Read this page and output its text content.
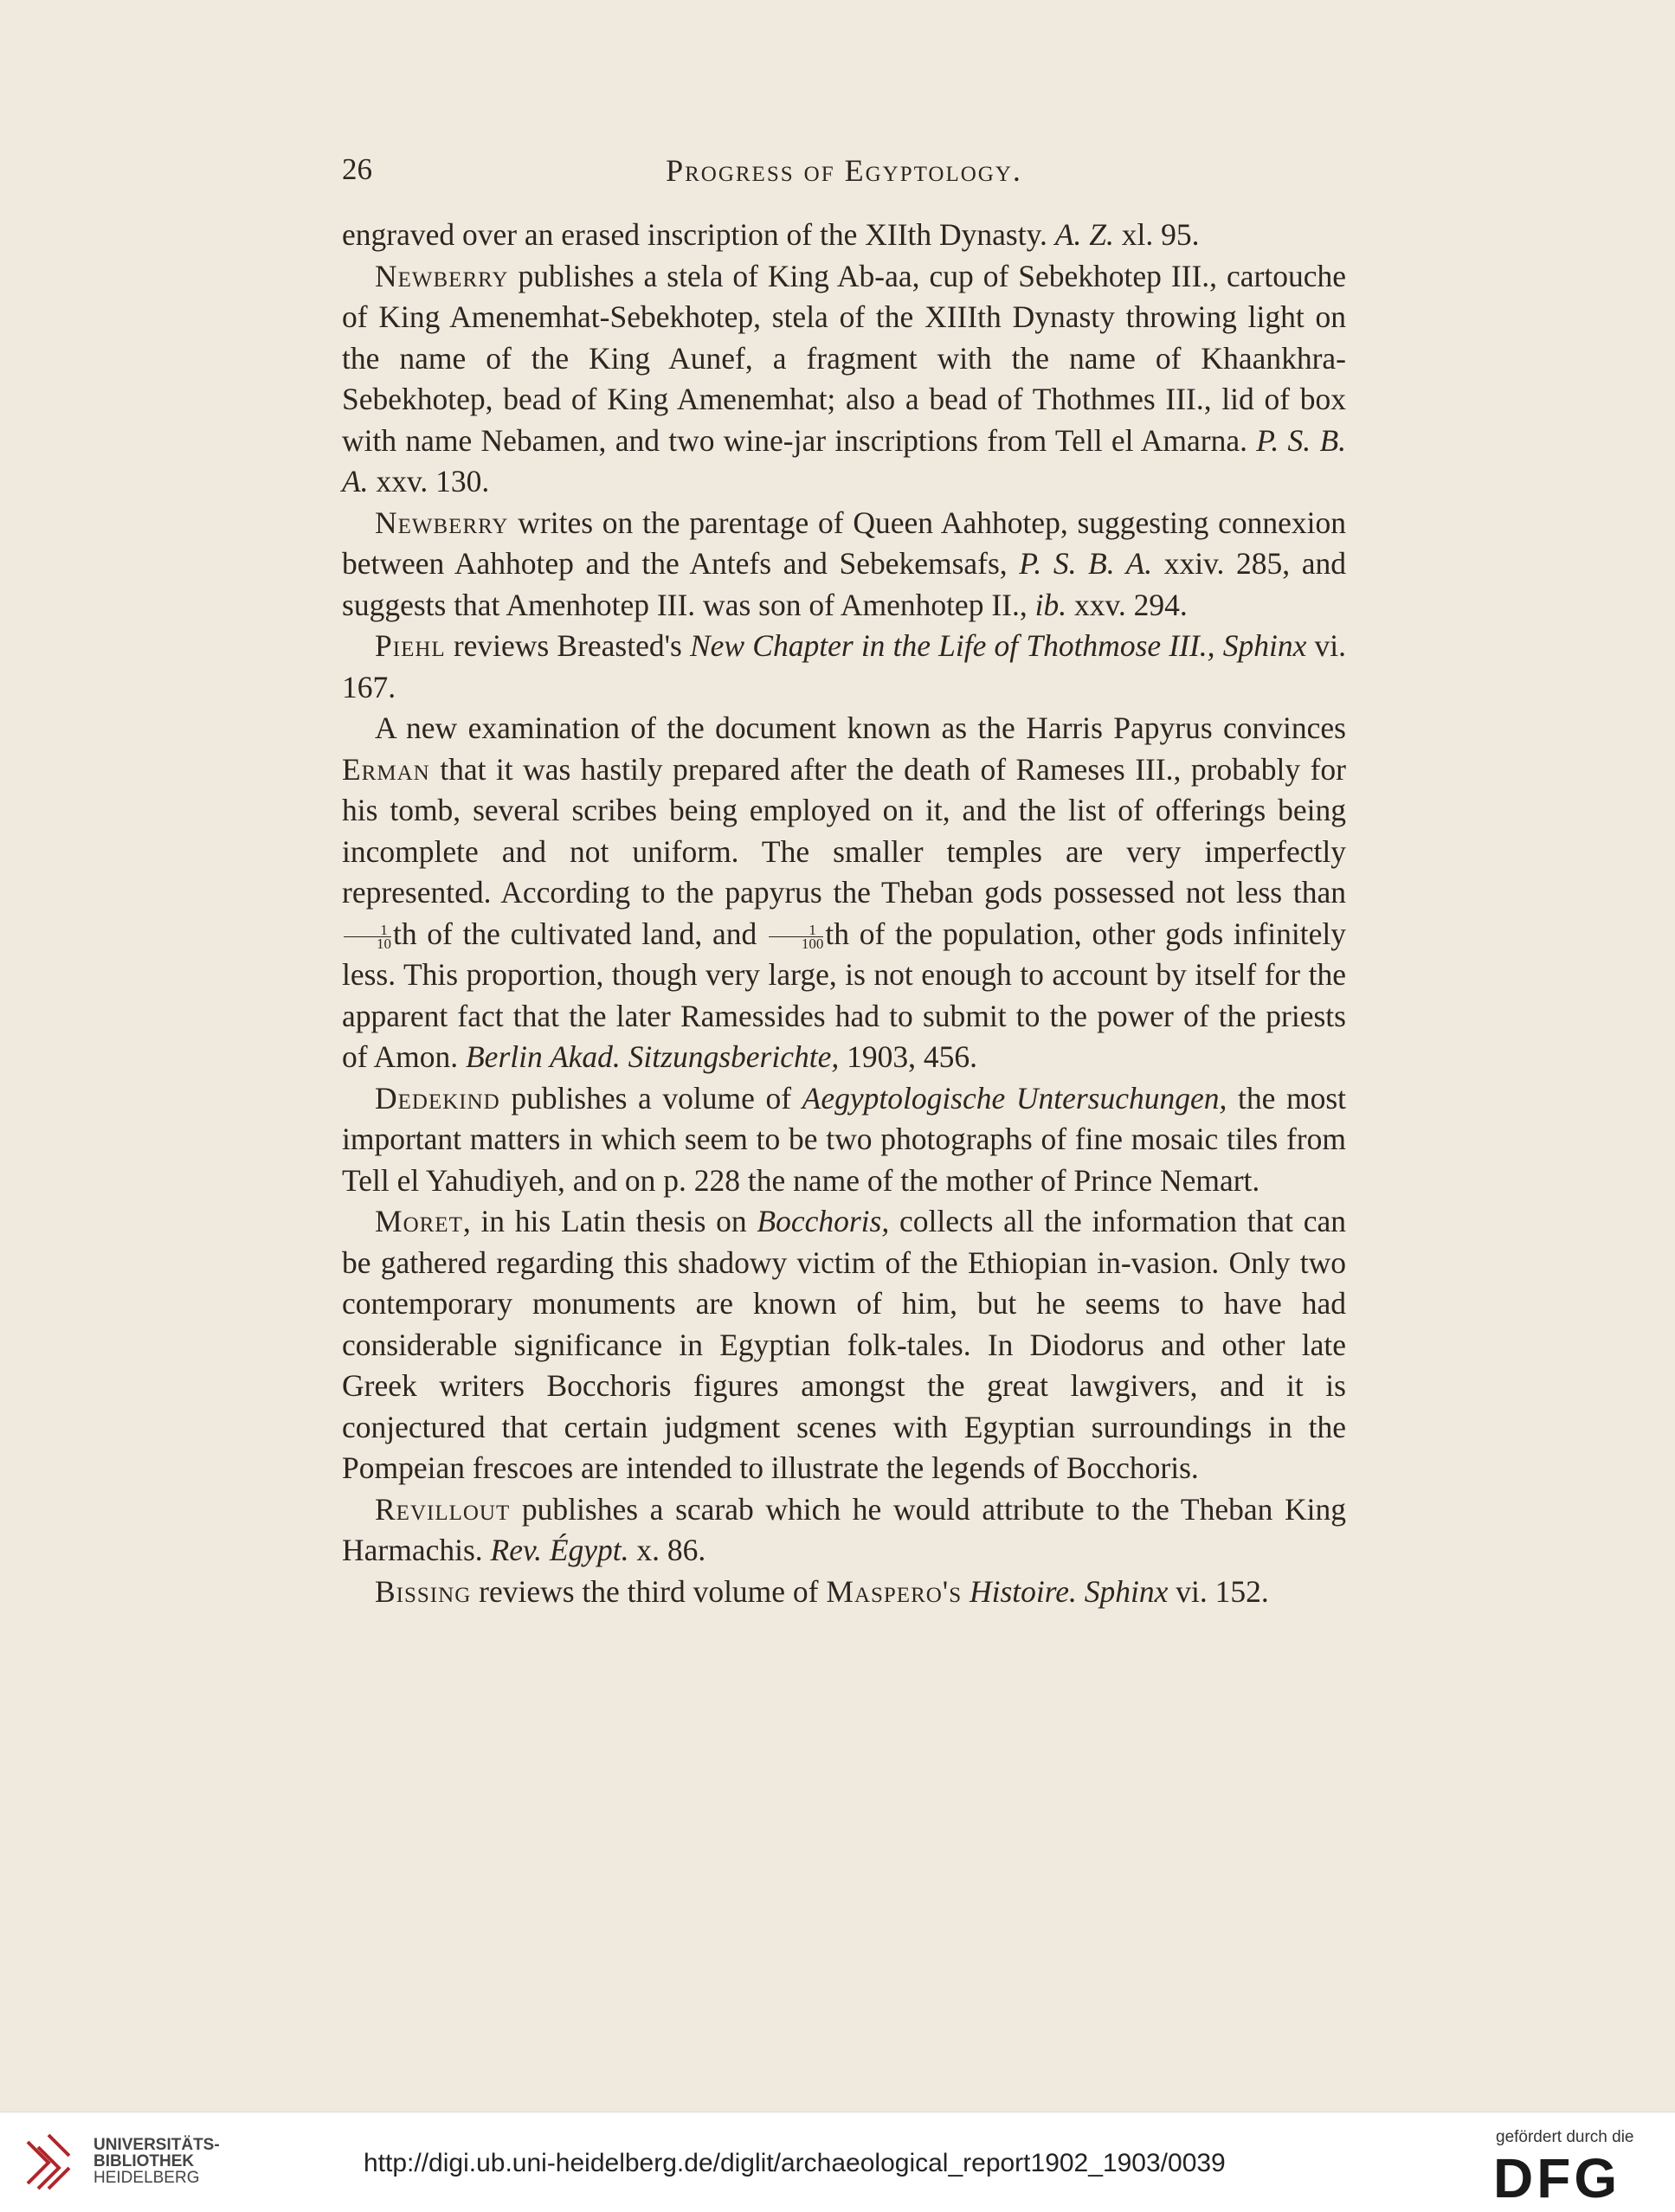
26	Progress of Egyptology.

engraved over an erased inscription of the XIIth Dynasty. A. Z. xl. 95.

Newberry publishes a stela of King Ab-aa, cup of Sebekhotep III., cartouche of King Amenemhat-Sebekhotep, stela of the XIIIth Dynasty throwing light on the name of the King Aunef, a fragment with the name of Khaankhra-Sebekhotep, bead of King Amenemhat; also a bead of Thothmes III., lid of box with name Nebamen, and two wine-jar inscriptions from Tell el Amarna. P. S. B. A. xxv. 130.

Newberry writes on the parentage of Queen Aahhotep, suggesting connexion between Aahhotep and the Antefs and Sebekemsafs, P. S. B. A. xxiv. 285, and suggests that Amenhotep III. was son of Amenhotep II., ib. xxv. 294.

Piehl reviews Breasted's New Chapter in the Life of Thothmose III., Sphinx vi. 167.

A new examination of the document known as the Harris Papyrus convinces Erman that it was hastily prepared after the death of Rameses III., probably for his tomb, several scribes being employed on it, and the list of offerings being incomplete and not uniform. The smaller temples are very imperfectly represented. According to the papyrus the Theban gods possessed not less than
$\frac{1}{10}$ th of the cultivated land, and $\frac{1}{100}$ th of the population, other gods infinitely less. This proportion, though very large, is not enough to account by itself for the apparent fact that the later Ramessides had to submit to the power of the priests of Amon. Berlin Akad. Sitzungsberichte, 1903, 456.

Dedekind publishes a volume of Aegyptologische Untersuchungen, the most important matters in which seem to be two photographs of fine mosaic tiles from Tell el Yahudiyeh, and on p. 228 the name of the mother of Prince Nemart.

Moret, in his Latin thesis on Bocchoris, collects all the information that can be gathered regarding this shadowy victim of the Ethiopian in-vasion. Only two contemporary monuments are known of him, but he seems to have had considerable significance in Egyptian folk-tales. In Diodorus and other late Greek writers Bocchoris figures amongst the great lawgivers, and it is conjectured that certain judgment scenes with Egyptian surroundings in the Pompeian frescoes are intended to illustrate the legends of Bocchoris.

Revillout publishes a scarab which he would attribute to the Theban King Harmachis. Rev. Égypt. x. 86.

Bissing reviews the third volume of Maspero's Histoire. Sphinx vi. 152.

UNIVERSITÄTS-
BIBLIOTHEK
HEIDELBERG
http://digi.ub.uni-heidelberg.de/diglit/archaeological_report1902_1903/0039
gefördert durch die
DFG
